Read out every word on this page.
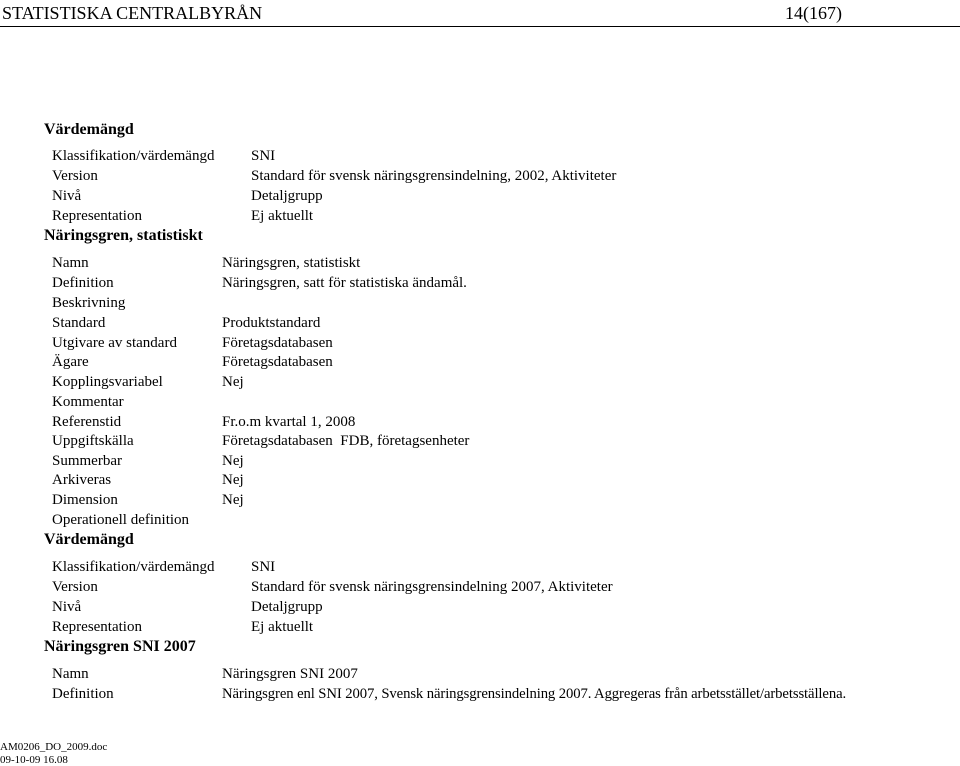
STATISTISKA CENTRALBYRÅN	14(167)
Värdemängd
Klassifikation/värdemängd SNI
Version	Standard för svensk näringsgrensindelning, 2002, Aktiviteter
Nivå	Detaljgrupp
Representation	Ej aktuellt
Näringsgren, statistiskt
Namn	Näringsgren, statistiskt
Definition	Näringsgren, satt för statistiska ändamål.
Beskrivning
Standard	Produktstandard
Utgivare av standard	Företagsdatabasen
Ägare	Företagsdatabasen
Kopplingsvariabel	Nej
Kommentar
Referenstid	Fr.o.m kvartal 1, 2008
Uppgiftskälla	Företagsdatabasen  FDB, företagsenheter
Summerbar	Nej
Arkiveras	Nej
Dimension	Nej
Operationell definition
Värdemängd
Klassifikation/värdemängd SNI
Version	Standard för svensk näringsgrensindelning 2007, Aktiviteter
Nivå	Detaljgrupp
Representation	Ej aktuellt
Näringsgren SNI 2007
Namn	Näringsgren SNI 2007
Definition	Näringsgren enl SNI 2007, Svensk näringsgrensindelning 2007. Aggregeras från arbetsstället/arbetsställena.
AM0206_DO_2009.doc
09-10-09 16.08
